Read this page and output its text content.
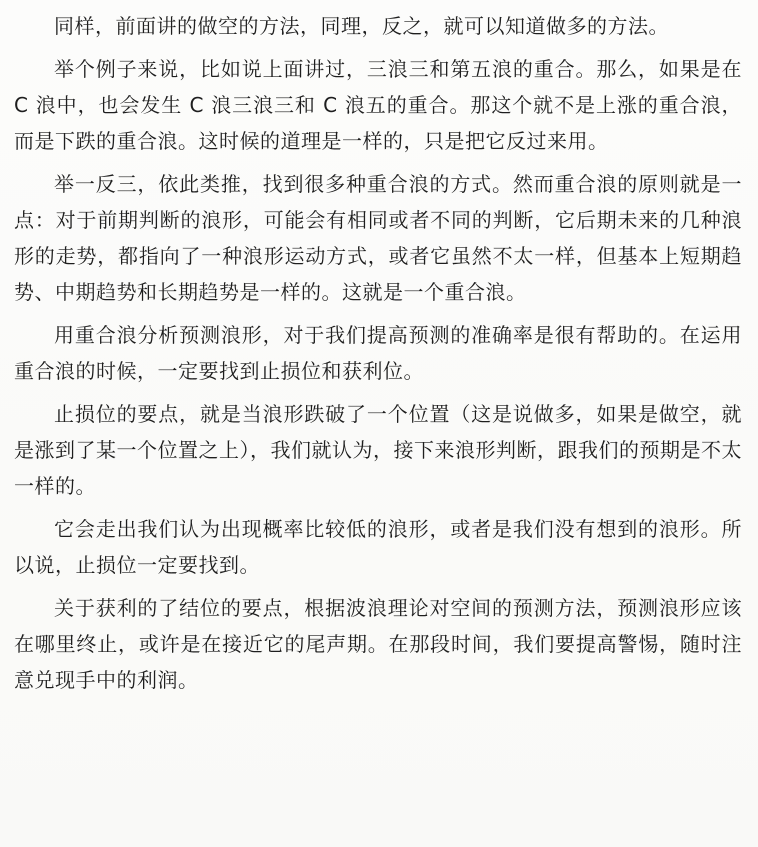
同样，前面讲的做空的方法，同理，反之，就可以知道做多的方法。

举个例子来说，比如说上面讲过，三浪三和第五浪的重合。那么，如果是在 C 浪中，也会发生 C 浪三浪三和 C 浪五的重合。那这个就不是上涨的重合浪，而是下跌的重合浪。这时候的道理是一样的，只是把它反过来用。

举一反三，依此类推，找到很多种重合浪的方式。然而重合浪的原则就是一点：对于前期判断的浪形，可能会有相同或者不同的判断，它后期未来的几种浪形的走势，都指向了一种浪形运动方式，或者它虽然不太一样，但基本上短期趋势、中期趋势和长期趋势是一样的。这就是一个重合浪。

用重合浪分析预测浪形，对于我们提高预测的准确率是很有帮助的。在运用重合浪的时候，一定要找到止损位和获利位。

止损位的要点，就是当浪形跌破了一个位置（这是说做多，如果是做空，就是涨到了某一个位置之上），我们就认为，接下来浪形判断，跟我们的预期是不太一样的。

它会走出我们认为出现概率比较低的浪形，或者是我们没有想到的浪形。所以说，止损位一定要找到。

关于获利的了结位的要点，根据波浪理论对空间的预测方法，预测浪形应该在哪里终止，或许是在接近它的尾声期。在那段时间，我们要提高警惕，随时注意兑现手中的利润。
